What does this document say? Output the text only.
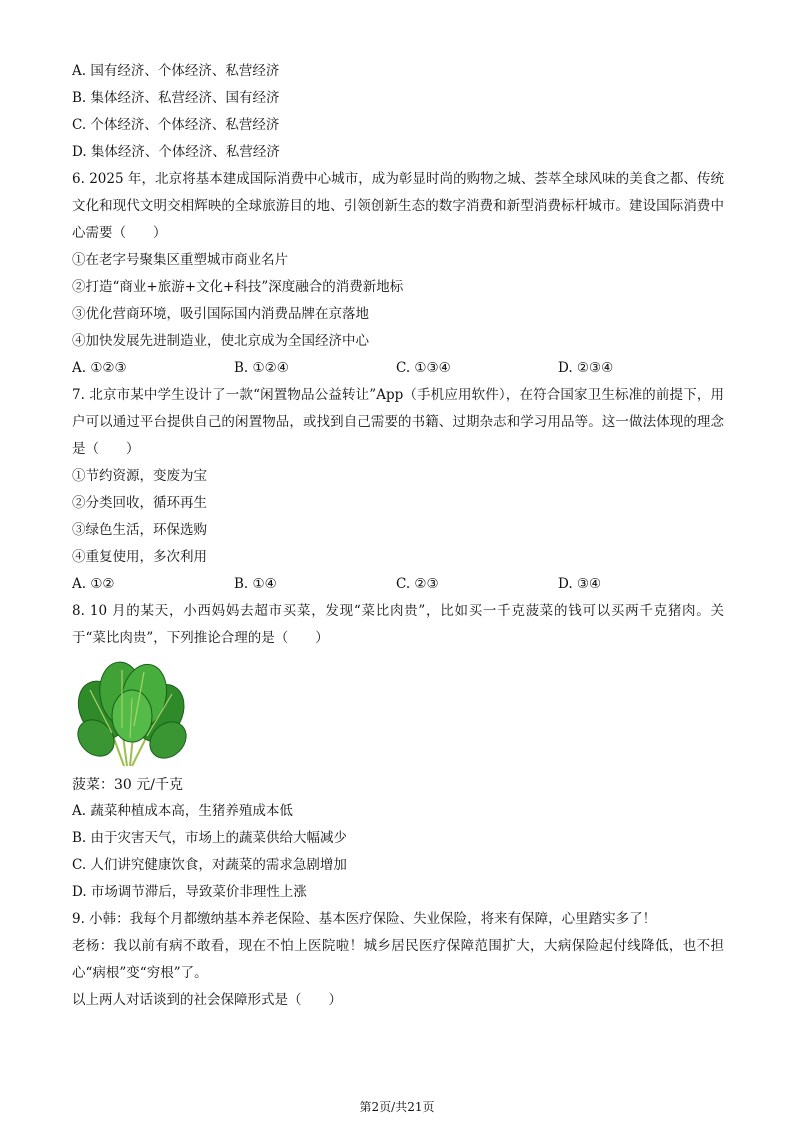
A. 国有经济、个体经济、私营经济
B. 集体经济、私营经济、国有经济
C. 个体经济、个体经济、私营经济
D. 集体经济、个体经济、私营经济
6. 2025 年，北京将基本建成国际消费中心城市，成为彰显时尚的购物之城、荟萃全球风味的美食之都、传统文化和现代文明交相辉映的全球旅游目的地、引领创新生态的数字消费和新型消费标杆城市。建设国际消费中心需要（　　）
①在老字号聚集区重塑城市商业名片
②打造“商业+旅游+文化+科技”深度融合的消费新地标
③优化营商环境，吸引国际国内消费品牌在京落地
④加快发展先进制造业，使北京成为全国经济中心
A. ①②③	B. ①②④	C. ①③④	D. ②③④
7. 北京市某中学生设计了一款“闲置物品公益转让”App（手机应用软件），在符合国家卫生标准的前提下，用户可以通过平台提供自己的闲置物品，或找到自己需要的书籍、过期杂志和学习用品等。这一做法体现的理念是（　　）
①节约资源，变废为宝
②分类回收，循环再生
③绿色生活，环保选购
④重复使用，多次利用
A. ①②	B. ①④	C. ②③	D. ③④
8. 10 月的某天，小西妈妈去超市买菜，发现“菜比肉贵”，比如买一千克菠菜的钱可以买两千克猪肉。关于“菜比肉贵”，下列推论合理的是（　　）
菠菜：30 元/千克
A. 蔬菜种植成本高，生猪养殖成本低
B. 由于灾害天气，市场上的蔬菜供给大幅减少
C. 人们讲究健康饮食，对蔬菜的需求急剧增加
D. 市场调节滞后，导致菜价非理性上涨
9. 小韩：我每个月都缴纳基本养老保险、基本医疗保险、失业保险，将来有保障，心里踏实多了！
老杨：我以前有病不敢看，现在不怕上医院啦！城乡居民医疗保障范围扩大，大病保险起付线降低，也不担心“病根”变“穷根”了。
以上两人对话谈到的社会保障形式是（　　）
第2页/共21页
